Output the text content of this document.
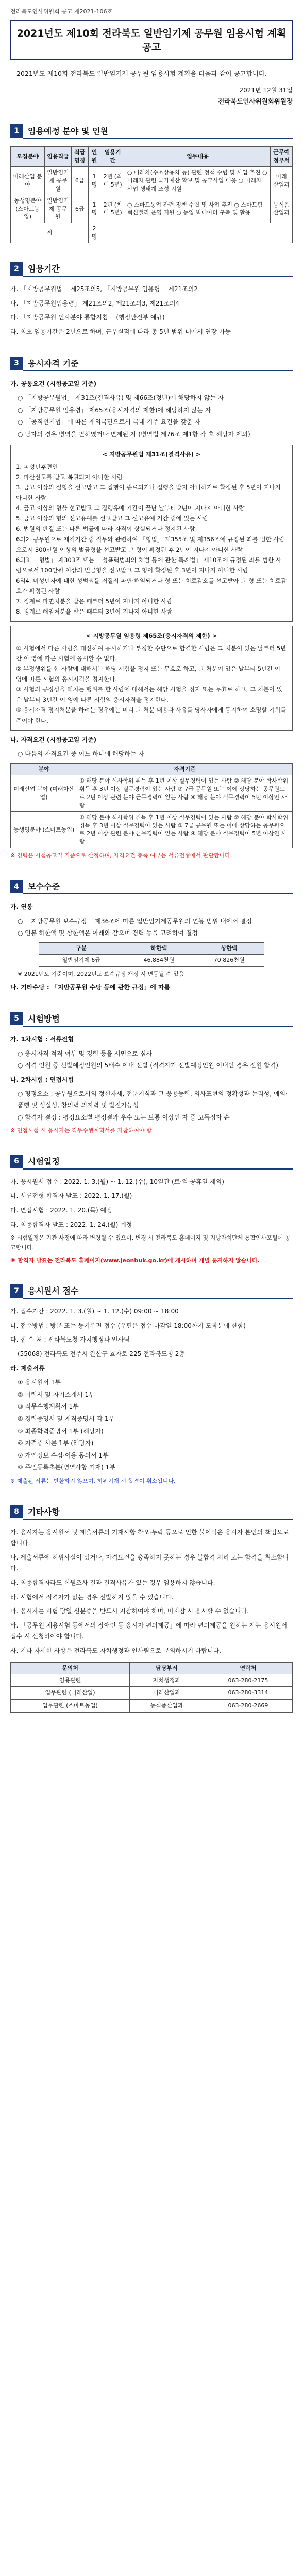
전라북도인사위원회 공고 제2021-106호
2021년도 제10회 전라북도 일반임기제 공무원 임용시험 계획 공고

2021년도 제10회 전라북도 일반임기제 공무원 임용시험 계획을 다음과 같이 공고합니다.

2021년 12월 31일
전라북도인사위원회위원장
1	임용예정 분야 및 인원
모집분야	임용직급	직급명칭	인원	임용기간	업무내용	근무예정부서
미래산업 분야	일반임기제 공무원	6급	1명	2년 (최대 5년)	○ 미래차(수소상용차 등) 관련 정책 수립 및 사업 추진 ○ 미래차 관련 국가예산 확보 및 공모사업 대응 ○ 미래차 산업 생태계 조성 지원	미래 산업과
농생명분야 (스마트농업)	일반임기제 공무원	6급	1명	2년 (최대 5년)	○ 스마트농업 관련 정책 수립 및 사업 추진 ○ 스마트팜 혁신밸리 운영 지원 ○ 농업 빅데이터 구축 및 활용	농식품 산업과
계			2명			
2	임용기간
가. 「지방공무원법」 제25조의5, 「지방공무원 임용령」 제21조의2
나. 「지방공무원임용령」 제21조의2, 제21조의3, 제21조의4
다. 「지방공무원 인사분야 통합지침」 (행정안전부 예규)
라. 최초 임용기간은 2년으로 하며, 근무실적에 따라 총 5년 범위 내에서 연장 가능
3	응시자격 기준
가. 공통요건 (시험공고일 기준)
○ 「지방공무원법」 제31조(결격사유) 및 제66조(정년)에 해당하지 않는 자
○ 「지방공무원 임용령」 제65조(응시자격의 제한)에 해당하지 않는 자
○ 「공직선거법」에 따른 재외국민으로서 국내 거주 요건을 갖춘 자
○ 남자의 경우 병역을 필하였거나 면제된 자 (병역법 제76조 제1항 각 호 해당자 제외)
< 지방공무원법 제31조(결격사유) >
1. 피성년후견인
2. 파산선고를 받고 복권되지 아니한 사람
3. 금고 이상의 실형을 선고받고 그 집행이 종료되거나 집행을 받지 아니하기로 확정된 후 5년이 지나지 아니한 사람
4. 금고 이상의 형을 선고받고 그 집행유예 기간이 끝난 날부터 2년이 지나지 아니한 사람
5. 금고 이상의 형의 선고유예를 선고받고 그 선고유예 기간 중에 있는 사람
6. 법원의 판결 또는 다른 법률에 따라 자격이 상실되거나 정지된 사람
6의2. 공무원으로 재직기간 중 직무와 관련하여 「형법」 제355조 및 제356조에 규정된 죄를 범한 사람으로서 300만원 이상의 벌금형을 선고받고 그 형이 확정된 후 2년이 지나지 아니한 사람
6의3. 「형법」 제303조 또는 「성폭력범죄의 처벌 등에 관한 특례법」 제10조에 규정된 죄를 범한 사람으로서 100만원 이상의 벌금형을 선고받고 그 형이 확정된 후 3년이 지나지 아니한 사람
6의4. 미성년자에 대한 성범죄를 저질러 파면·해임되거나 형 또는 치료감호를 선고받아 그 형 또는 치료감호가 확정된 사람
7. 징계로 파면처분을 받은 때부터 5년이 지나지 아니한 사람
8. 징계로 해임처분을 받은 때부터 3년이 지나지 아니한 사람
< 지방공무원 임용령 제65조(응시자격의 제한) >
① 시험에서 다른 사람을 대신하여 응시하거나 부정한 수단으로 합격한 사람은 그 처분이 있은 날부터 5년간 이 영에 따른 시험에 응시할 수 없다.
② 부정행위를 한 사람에 대해서는 해당 시험을 정지 또는 무효로 하고, 그 처분이 있은 날부터 5년간 이 영에 따른 시험의 응시자격을 정지한다.
③ 시험의 공정성을 해치는 행위를 한 사람에 대해서는 해당 시험을 정지 또는 무효로 하고, 그 처분이 있은 날부터 3년간 이 영에 따른 시험의 응시자격을 정지한다.
④ 응시자격 정지처분을 하려는 경우에는 미리 그 처분 내용과 사유를 당사자에게 통지하여 소명할 기회를 주어야 한다.
나. 자격요건 (시험공고일 기준)
○ 다음의 자격요건 중 어느 하나에 해당하는 자
분야	자격기준
미래산업 분야 (미래차산업)	① 해당 분야 석사학위 취득 후 1년 이상 실무경력이 있는 사람 ② 해당 분야 학사학위 취득 후 3년 이상 실무경력이 있는 사람 ③ 7급 공무원 또는 이에 상당하는 공무원으로 2년 이상 관련 분야 근무경력이 있는 사람 ④ 해당 분야 실무경력이 5년 이상인 사람
농생명분야 (스마트농업)	① 해당 분야 석사학위 취득 후 1년 이상 실무경력이 있는 사람 ② 해당 분야 학사학위 취득 후 3년 이상 실무경력이 있는 사람 ③ 7급 공무원 또는 이에 상당하는 공무원으로 2년 이상 관련 분야 근무경력이 있는 사람 ④ 해당 분야 실무경력이 5년 이상인 사람
※ 경력은 시험공고일 기준으로 산정하며, 자격요건 충족 여부는 서류전형에서 판단합니다.
4	보수수준
가. 연봉
○ 「지방공무원 보수규정」 제36조에 따른 일반임기제공무원의 연봉 범위 내에서 결정
○ 연봉 하한액 및 상한액은 아래와 같으며 경력 등을 고려하여 결정
구분	하한액	상한액
일반임기제 6급	46,884천원	70,826천원
※ 2021년도 기준이며, 2022년도 보수규정 개정 시 변동될 수 있음
나. 기타수당 : 「지방공무원 수당 등에 관한 규정」에 따름
5	시험방법
가. 1차시험 : 서류전형
○ 응시자격 적격 여부 및 경력 등을 서면으로 심사
○ 적격 인원 중 선발예정인원의 5배수 이내 선발 (적격자가 선발예정인원 이내인 경우 전원 합격)
나. 2차시험 : 면접시험
○ 평정요소 : 공무원으로서의 정신자세, 전문지식과 그 응용능력, 의사표현의 정확성과 논리성, 예의·품행 및 성실성, 창의력·의지력 및 발전가능성
○ 합격자 결정 : 평정요소별 평정결과 우수 또는 보통 이상인 자 중 고득점자 순
※ 면접시험 시 응시자는 직무수행계획서를 지참하여야 함
6	시험일정
가. 응시원서 접수 : 2022. 1. 3.(월) ~ 1. 12.(수), 10일간 (토·일·공휴일 제외)
나. 서류전형 합격자 발표 : 2022. 1. 17.(월)
다. 면접시험 : 2022. 1. 20.(목) 예정
라. 최종합격자 발표 : 2022. 1. 24.(월) 예정
※ 시험일정은 기관 사정에 따라 변경될 수 있으며, 변경 시 전라북도 홈페이지 및 지방자치단체 통합인사포털에 공고합니다.
※ 합격자 발표는 전라북도 홈페이지(www.jeonbuk.go.kr)에 게시하며 개별 통지하지 않습니다.
7	응시원서 접수
가. 접수기간 : 2022. 1. 3.(월) ~ 1. 12.(수) 09:00 ~ 18:00
나. 접수방법 : 방문 또는 등기우편 접수 (우편은 접수 마감일 18:00까지 도착분에 한함)
다. 접 수 처 : 전라북도청 자치행정과 인사팀
(55068) 전라북도 전주시 완산구 효자로 225 전라북도청 2층
라. 제출서류
① 응시원서 1부
② 이력서 및 자기소개서 1부
③ 직무수행계획서 1부
④ 경력증명서 및 재직증명서 각 1부
⑤ 최종학력증명서 1부 (해당자)
⑥ 자격증 사본 1부 (해당자)
⑦ 개인정보 수집·이용 동의서 1부
⑧ 주민등록초본(병역사항 기재) 1부
※ 제출된 서류는 반환하지 않으며, 허위기재 시 합격이 취소됩니다.
8	기타사항
가. 응시자는 응시원서 및 제출서류의 기재사항 착오·누락 등으로 인한 불이익은 응시자 본인의 책임으로 합니다.
나. 제출서류에 허위사실이 있거나, 자격요건을 충족하지 못하는 경우 불합격 처리 또는 합격을 취소합니다.
다. 최종합격자라도 신원조사 결과 결격사유가 있는 경우 임용하지 않습니다.
라. 시험에서 적격자가 없는 경우 선발하지 않을 수 있습니다.
마. 응시자는 시험 당일 신분증을 반드시 지참하여야 하며, 미지참 시 응시할 수 없습니다.
바. 「공무원 채용시험 등에서의 장애인 등 응시자 편의제공」에 따라 편의제공을 원하는 자는 응시원서 접수 시 신청하여야 합니다.
사. 기타 자세한 사항은 전라북도 자치행정과 인사팀으로 문의하시기 바랍니다.
문의처	담당부서	연락처
임용관련	자치행정과	063-280-2175
업무관련 (미래산업)	미래산업과	063-280-3314
업무관련 (스마트농업)	농식품산업과	063-280-2669
